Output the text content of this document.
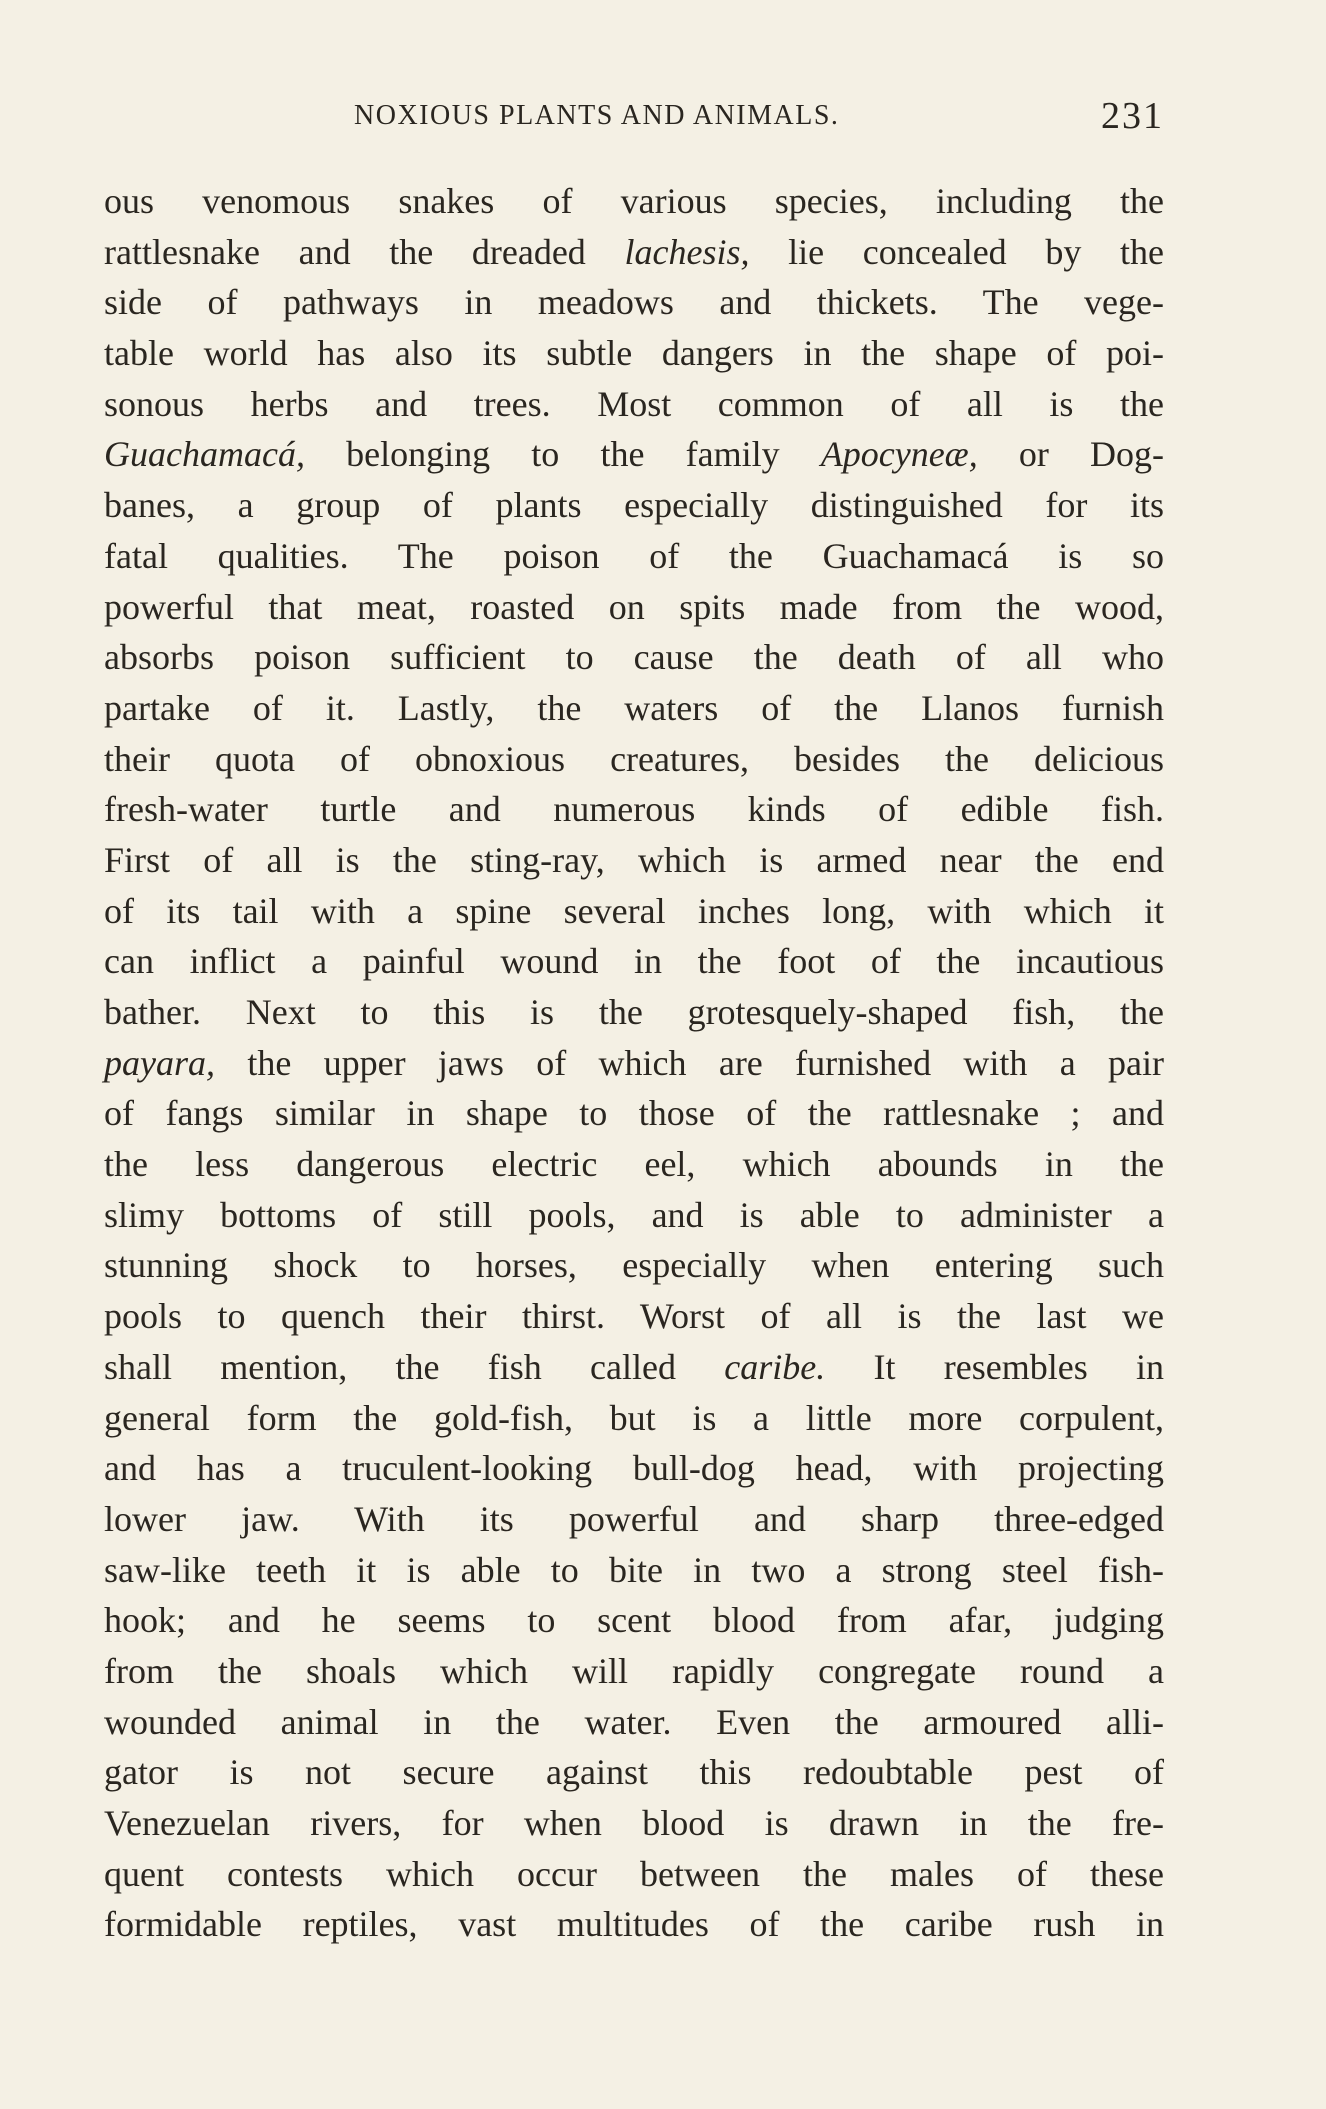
NOXIOUS PLANTS AND ANIMALS.	231
ous venomous snakes of various species, including the
rattlesnake and the dreaded lachesis, lie concealed by the
side of pathways in meadows and thickets. The vege-
table world has also its subtle dangers in the shape of poi-
sonous herbs and trees. Most common of all is the
Guachamacá, belonging to the family Apocyneæ, or Dog-
banes, a group of plants especially distinguished for its
fatal qualities. The poison of the Guachamacá is so
powerful that meat, roasted on spits made from the wood,
absorbs poison sufficient to cause the death of all who
partake of it. Lastly, the waters of the Llanos furnish
their quota of obnoxious creatures, besides the delicious
fresh-water turtle and numerous kinds of edible fish.
First of all is the sting-ray, which is armed near the end
of its tail with a spine several inches long, with which it
can inflict a painful wound in the foot of the incautious
bather. Next to this is the grotesquely-shaped fish, the
payara, the upper jaws of which are furnished with a pair
of fangs similar in shape to those of the rattlesnake ; and
the less dangerous electric eel, which abounds in the
slimy bottoms of still pools, and is able to administer a
stunning shock to horses, especially when entering such
pools to quench their thirst. Worst of all is the last we
shall mention, the fish called caribe. It resembles in
general form the gold-fish, but is a little more corpulent,
and has a truculent-looking bull-dog head, with projecting
lower jaw. With its powerful and sharp three-edged
saw-like teeth it is able to bite in two a strong steel fish-
hook; and he seems to scent blood from afar, judging
from the shoals which will rapidly congregate round a
wounded animal in the water. Even the armoured alli-
gator is not secure against this redoubtable pest of
Venezuelan rivers, for when blood is drawn in the fre-
quent contests which occur between the males of these
formidable reptiles, vast multitudes of the caribe rush in
